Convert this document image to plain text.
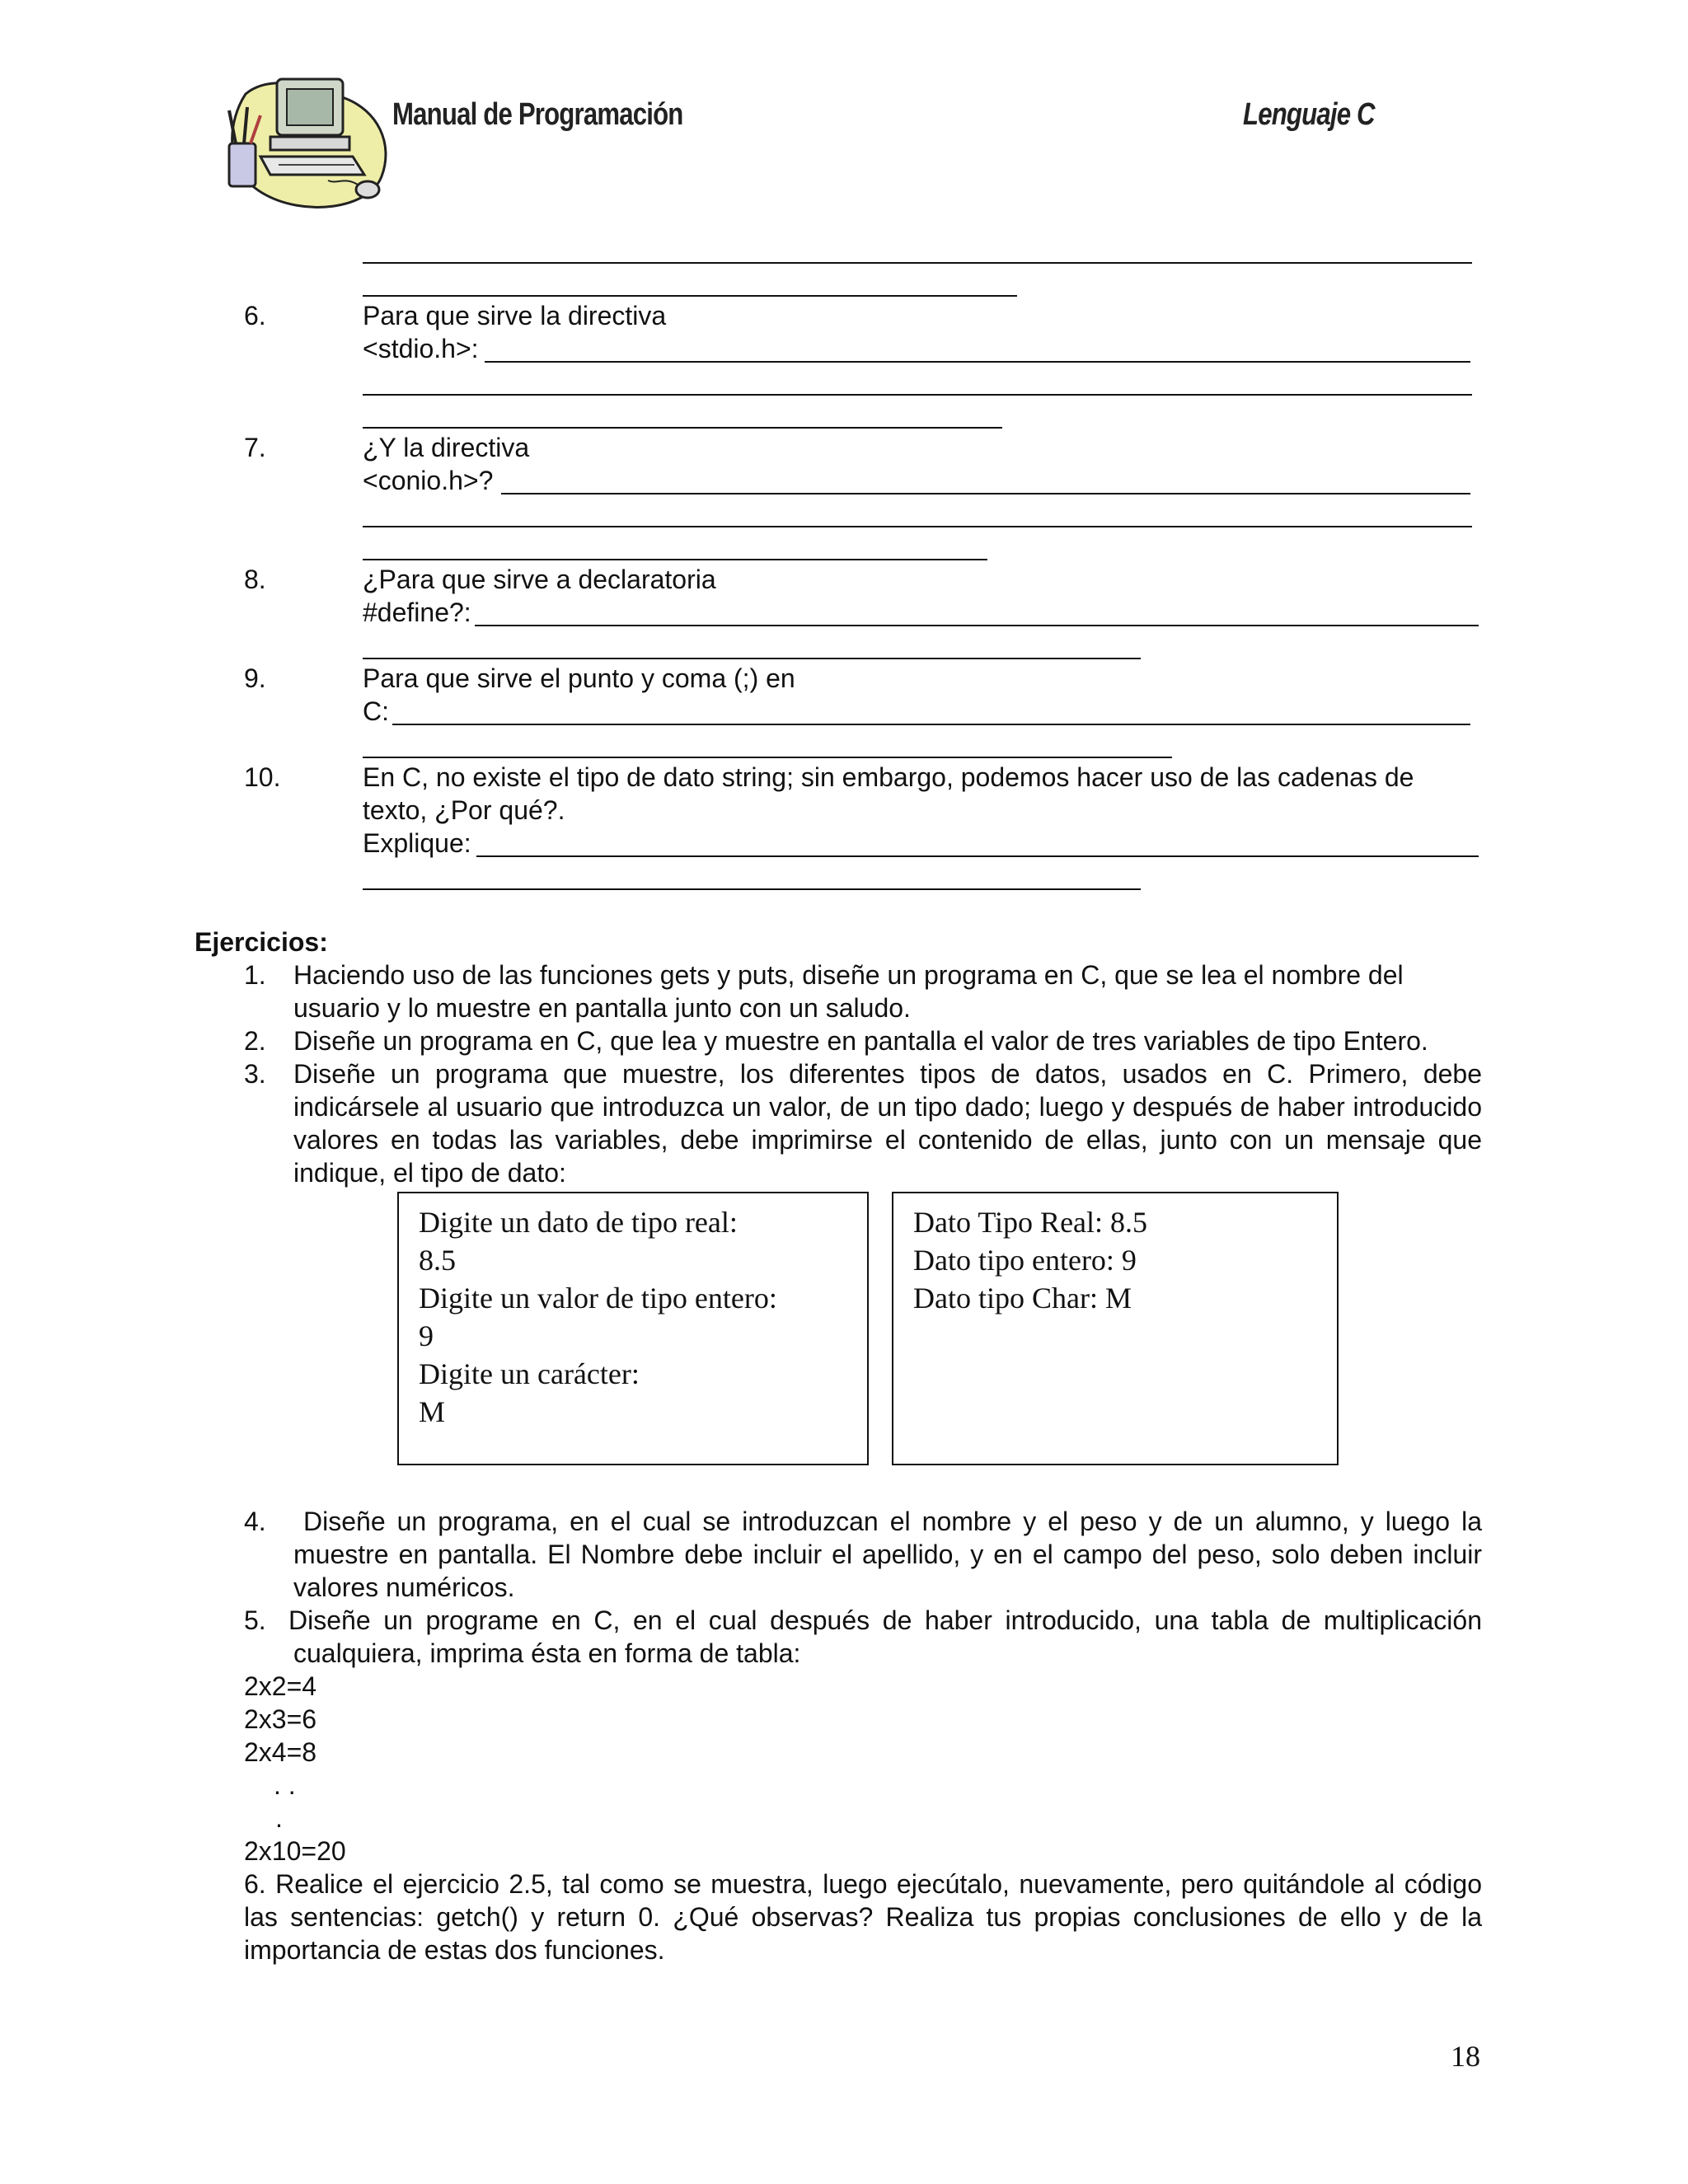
Manual de Programación	Lenguaje C
6.	Para que sirve la directiva
<stdio.h>:
7.	¿Y la directiva
<conio.h>?
8.	¿Para que sirve a declaratoria
#define?:
9.	Para que sirve el punto y coma (;) en
C:
10.	En C, no existe el tipo de dato string; sin embargo, podemos hacer uso de las cadenas de
texto, ¿Por qué?.
Explique:
Ejercicios:
1. Haciendo uso de las funciones gets y puts, diseñe un programa en C, que se lea el nombre del
usuario y lo muestre en pantalla junto con un saludo.
2. Diseñe un programa en C, que lea y muestre en pantalla el valor de tres variables de tipo Entero.
3. Diseñe un programa que muestre, los diferentes tipos de datos, usados en C. Primero, debe indicársele al usuario que introduzca un valor, de un tipo dado; luego y después de haber introducido valores en todas las variables, debe imprimirse el contenido de ellas, junto con un mensaje que indique, el tipo de dato:
Digite un dato de tipo real:
8.5
Digite un valor de tipo entero:
9
Digite un carácter:
M
Dato Tipo Real: 8.5
Dato tipo entero: 9
Dato tipo Char: M
4.	Diseñe un programa, en el cual se introduzcan el nombre y el peso y de un alumno, y luego la muestre en pantalla. El Nombre debe incluir el apellido, y en el campo del peso, solo deben incluir valores numéricos.
5. Diseñe un programe en C, en el cual después de haber introducido, una tabla de multiplicación cualquiera, imprima ésta en forma de tabla:
2x2=4
2x3=6
2x4=8
. .
.
2x10=20
6. Realice el ejercicio 2.5, tal como se muestra, luego ejecútalo, nuevamente, pero quitándole al código las sentencias: getch() y return 0. ¿Qué observas? Realiza tus propias conclusiones de ello y de la importancia de estas dos funciones.
18
